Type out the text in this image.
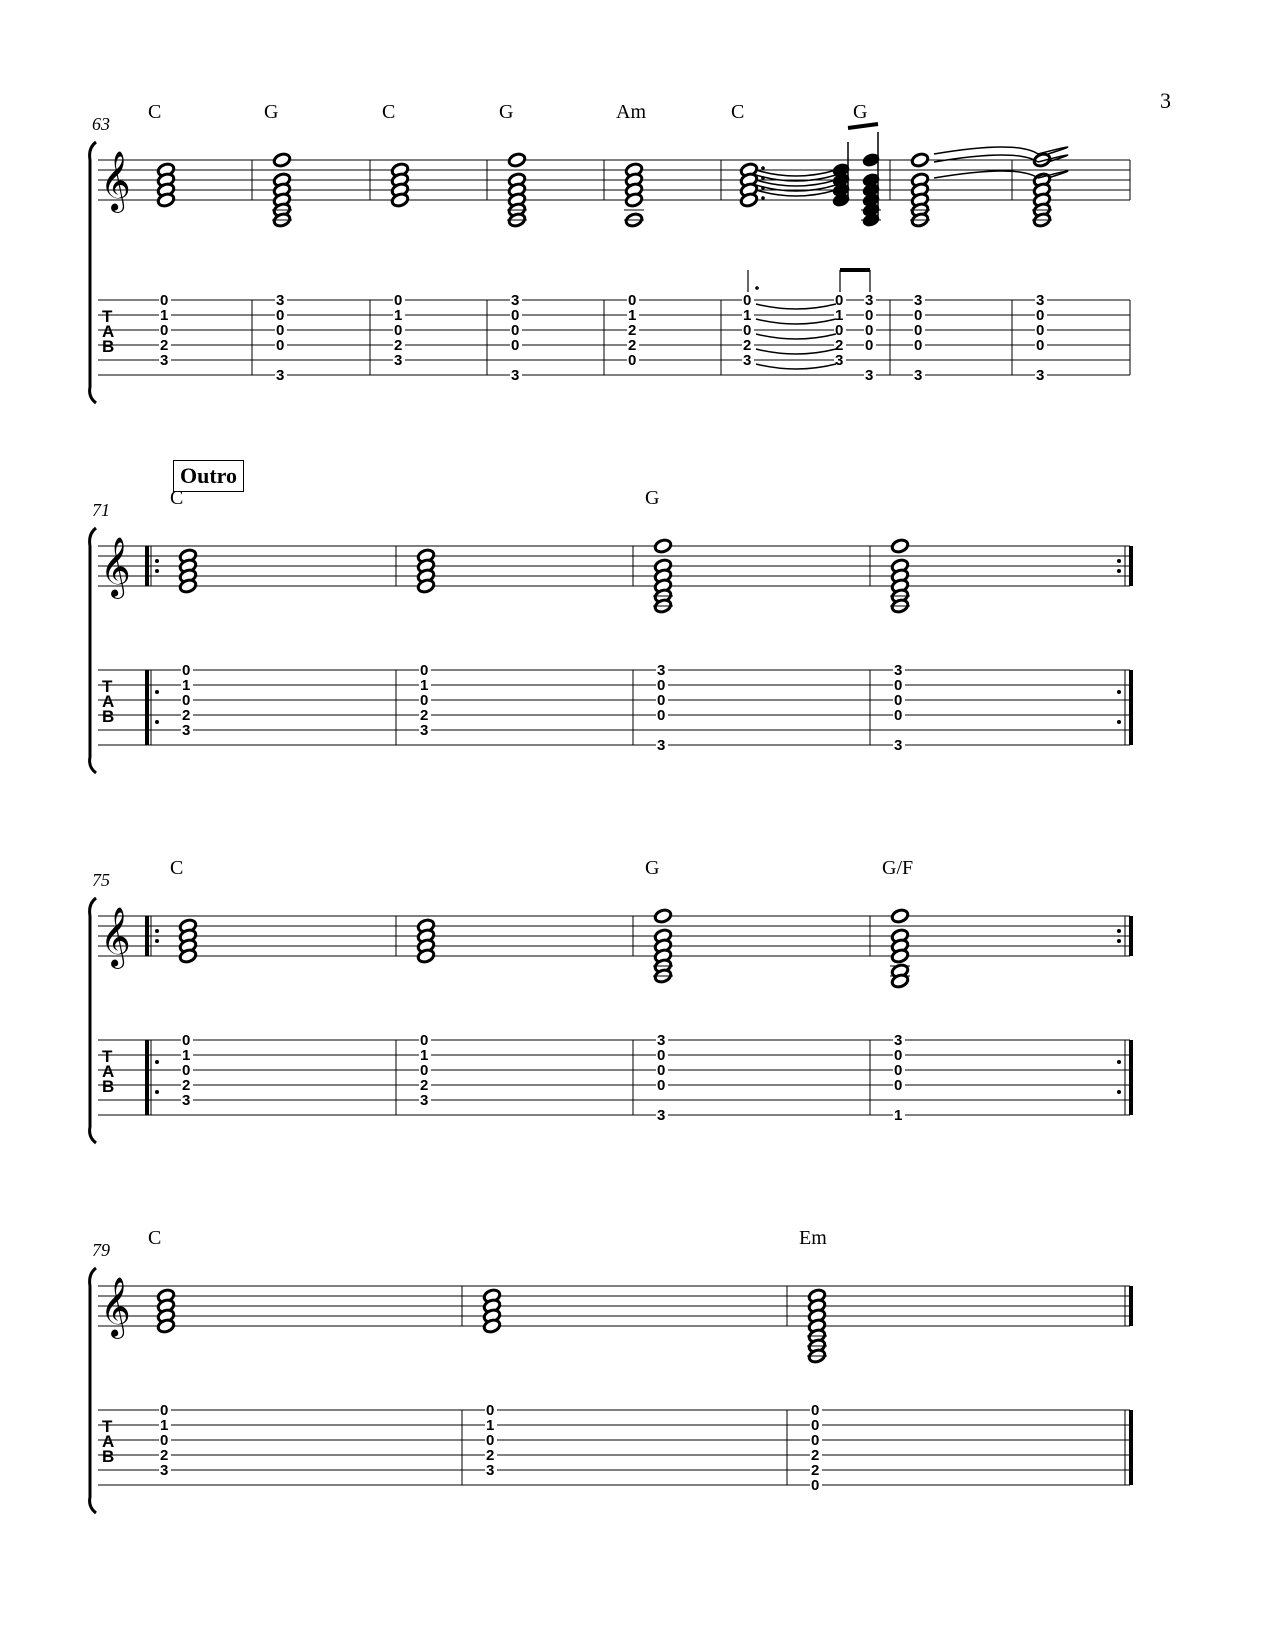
3
Outro
𝄞
T
A
B
63
C
0
1
0
2
3
G
3
0
0
0
3
C
0
1
0
2
3
G
3
0
0
0
3
Am
0
1
2
2
0
C
0
1
0
2
3
0
1
0
2
3
G
3
0
0
0
3
3
0
0
0
3
3
0
0
0
3
𝄞
T
A
B
71
C
0
1
0
2
3
0
1
0
2
3
G
3
0
0
0
3
3
0
0
0
3
𝄞
T
A
B
75
C
0
1
0
2
3
0
1
0
2
3
G
3
0
0
0
3
G/F
3
0
0
0
1
𝄞
T
A
B
79
C
0
1
0
2
3
0
1
0
2
3
Em
0
0
0
2
2
0
